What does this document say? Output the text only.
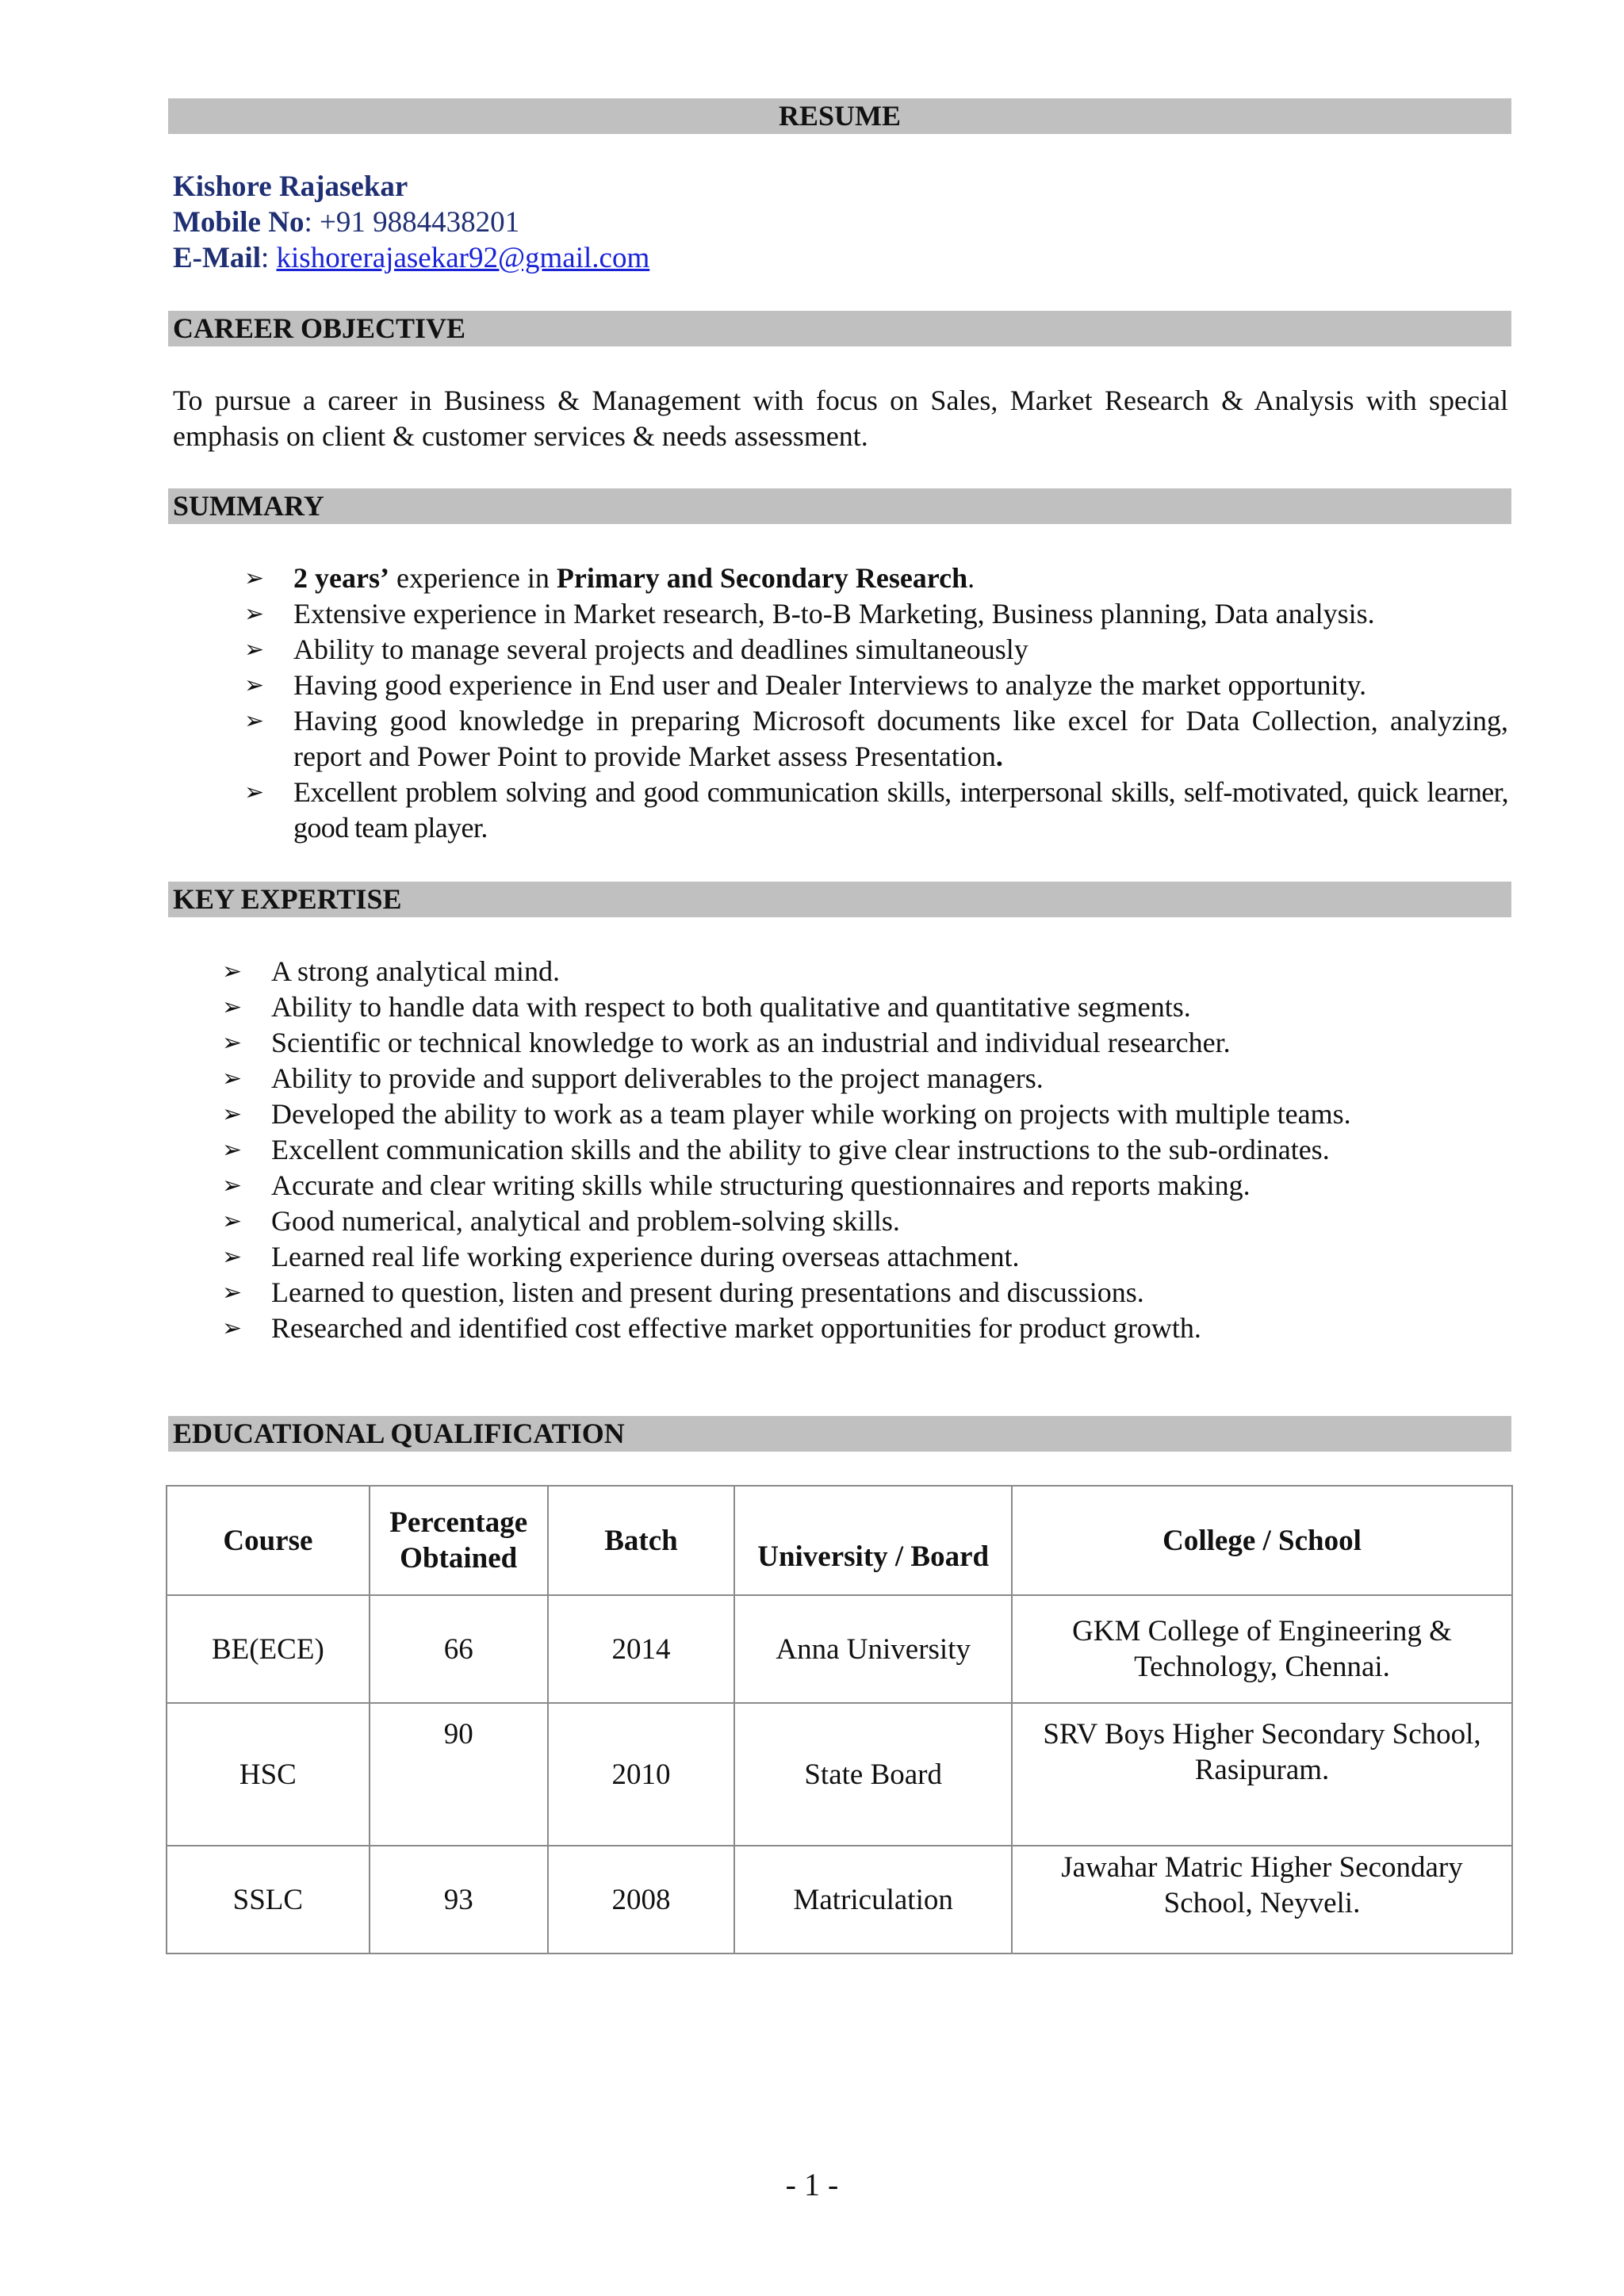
RESUME
Kishore Rajasekar
Mobile No: +91 9884438201
E-Mail: kishorerajasekar92@gmail.com
CAREER OBJECTIVE

To pursue a career in Business & Management with focus on Sales, Market Research & Analysis with special emphasis on client & customer services & needs assessment.

SUMMARY
➢ 2 years’ experience in Primary and Secondary Research.
➢ Extensive experience in Market research, B-to-B Marketing, Business planning, Data analysis.
➢ Ability to manage several projects and deadlines simultaneously
➢ Having good experience in End user and Dealer Interviews to analyze the market opportunity.
➢ Having good knowledge in preparing Microsoft documents like excel for Data Collection, analyzing, report and Power Point to provide Market assess Presentation.
➢ Excellent problem solving and good communication skills, interpersonal skills, self-motivated, quick learner, good team player.
KEY EXPERTISE
➢ A strong analytical mind.
➢ Ability to handle data with respect to both qualitative and quantitative segments.
➢ Scientific or technical knowledge to work as an industrial and individual researcher.
➢ Ability to provide and support deliverables to the project managers.
➢ Developed the ability to work as a team player while working on projects with multiple teams.
➢ Excellent communication skills and the ability to give clear instructions to the sub-ordinates.
➢ Accurate and clear writing skills while structuring questionnaires and reports making.
➢ Good numerical, analytical and problem-solving skills.
➢ Learned real life working experience during overseas attachment.
➢ Learned to question, listen and present during presentations and discussions.
➢ Researched and identified cost effective market opportunities for product growth.
EDUCATIONAL QUALIFICATION
Course	Percentage Obtained	Batch	University / Board	College / School
BE(ECE)	66	2014	Anna University	GKM College of Engineering & Technology, Chennai.
HSC	90	2010	State Board	SRV Boys Higher Secondary School, Rasipuram.
SSLC	93	2008	Matriculation	Jawahar Matric Higher Secondary School, Neyveli.
- 1 -
